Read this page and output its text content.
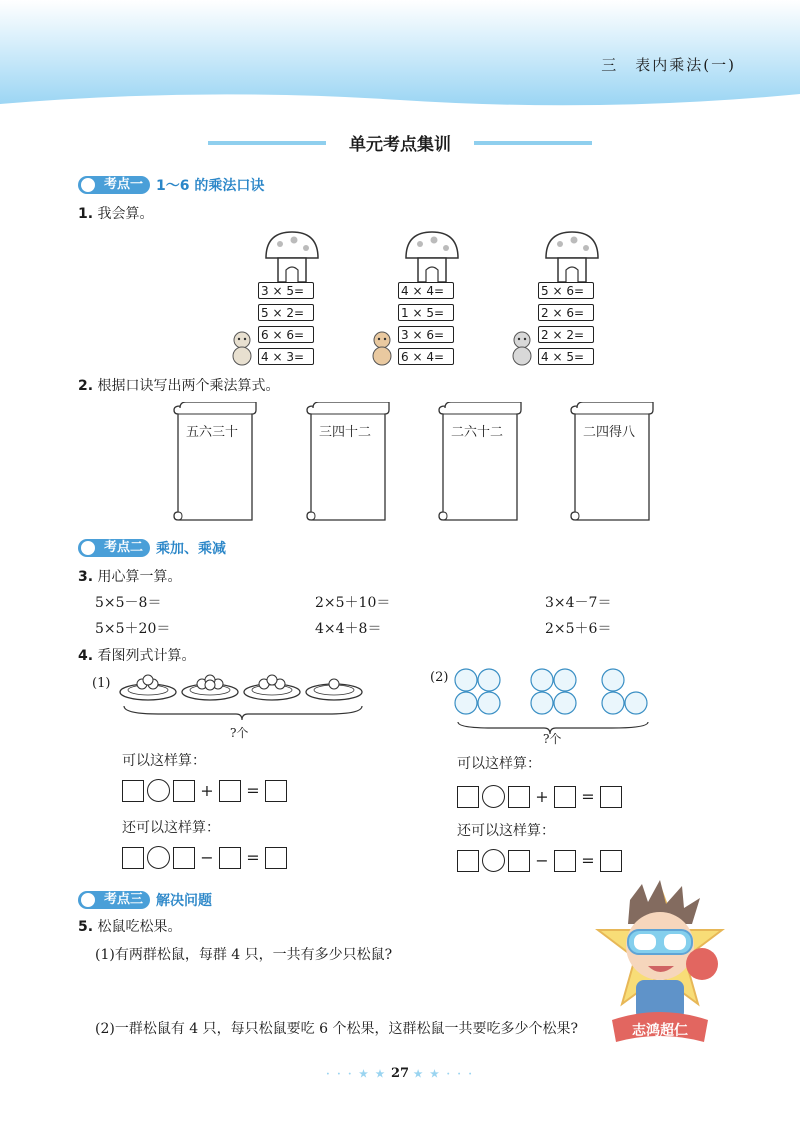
三　表内乘法(一)
单元考点集训
考点一 1～6 的乘法口诀
1. 我会算。
3 × 5=
5 × 2=
6 × 6=
4 × 3=
4 × 4=
1 × 5=
3 × 6=
6 × 4=
5 × 6=
2 × 6=
2 × 2=
4 × 5=
2. 根据口诀写出两个乘法算式。
五六三十	三四十二	二六十二	二四得八
考点二 乘加、乘减
3. 用心算一算。
5×5－8＝	2×5＋10＝	3×4－7＝
5×5＋20＝	4×4＋8＝	2×5＋6＝
4. 看图列式计算。
(1)
?个
可以这样算：
+ =
还可以这样算：
− =
(2)
?个
可以这样算：
+ =
还可以这样算：
− =
考点三 解决问题
5. 松鼠吃松果。
(1)有两群松鼠，每群 4 只，一共有多少只松鼠?
志鸿超仁
(2)一群松鼠有 4 只，每只松鼠要吃 6 个松果，这群松鼠一共要吃多少个松果?
· · · ★ ★ 27 ★ ★ · · ·
